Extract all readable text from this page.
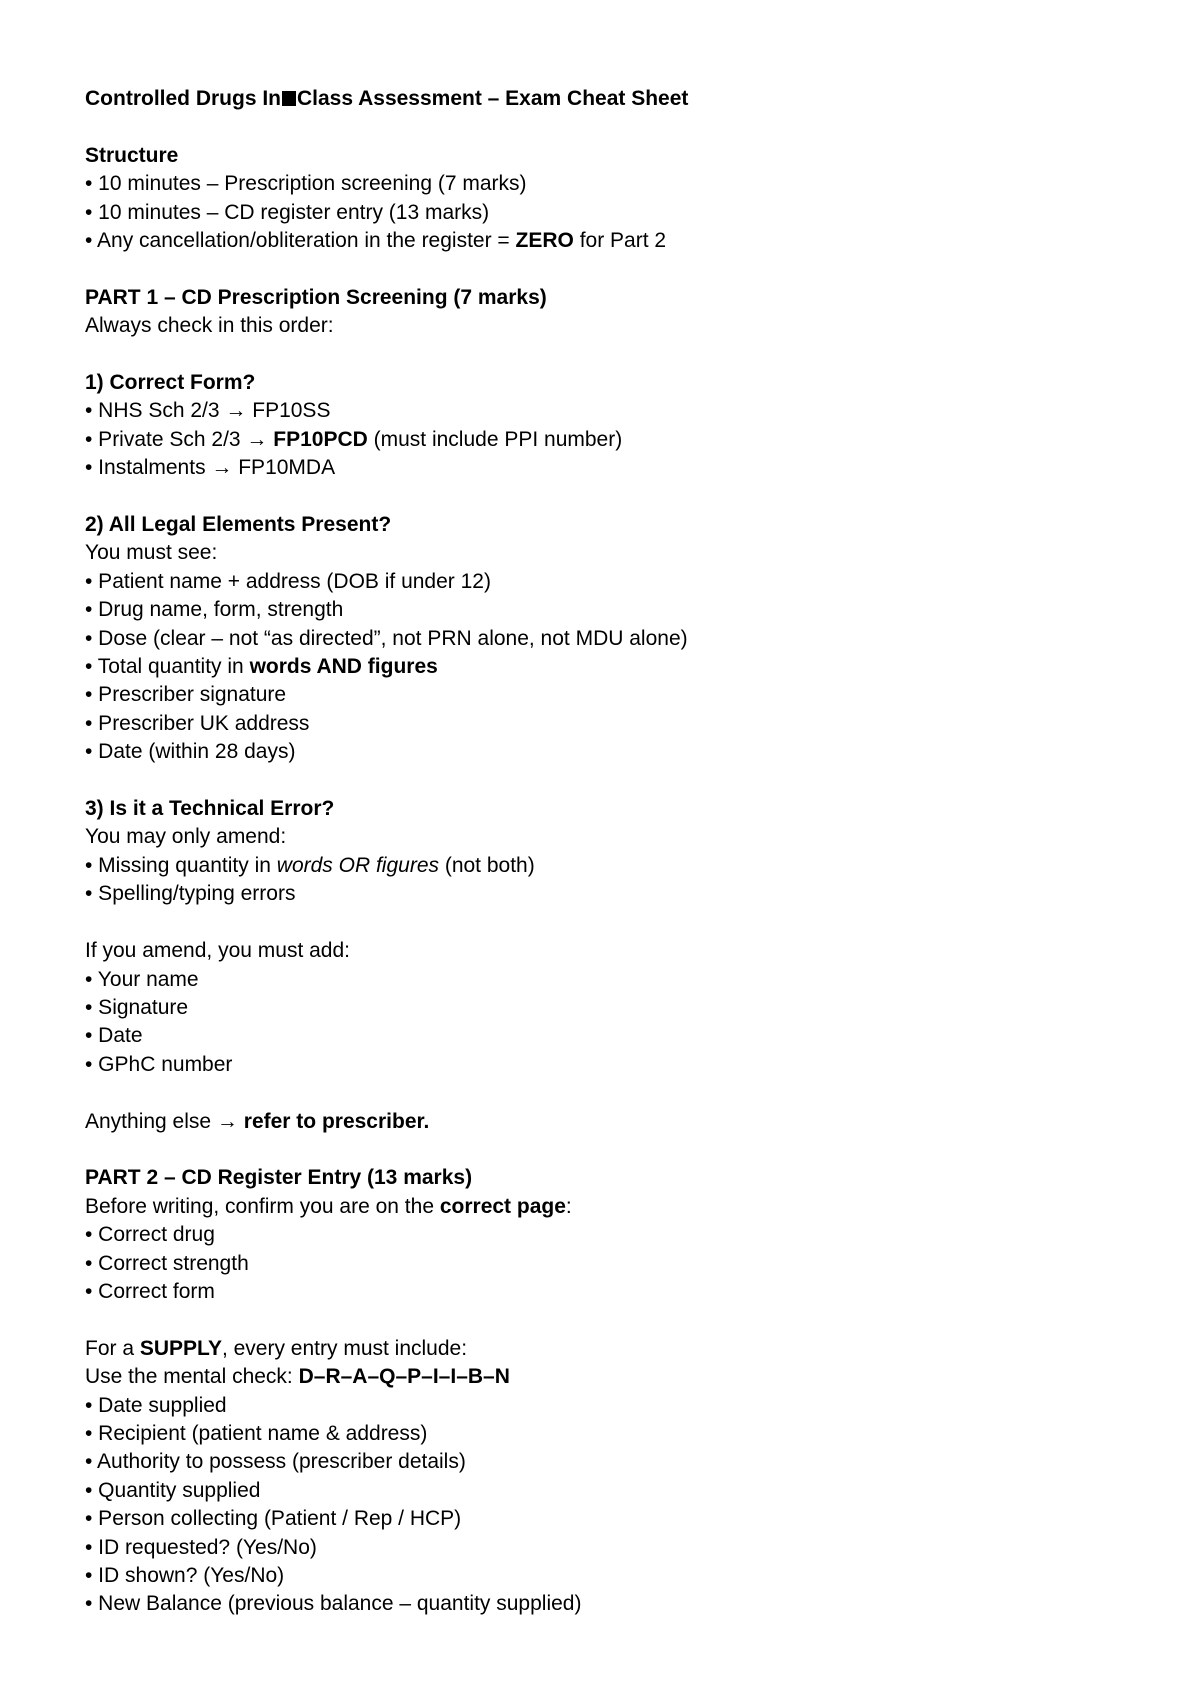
Controlled Drugs In Class Assessment – Exam Cheat Sheet
Structure
• 10 minutes – Prescription screening (7 marks)
• 10 minutes – CD register entry (13 marks)
• Any cancellation/obliteration in the register = ZERO for Part 2
PART 1 – CD Prescription Screening (7 marks)
Always check in this order:
1) Correct Form?
• NHS Sch 2/3 → FP10SS
• Private Sch 2/3 → FP10PCD (must include PPI number)
• Instalments → FP10MDA
2) All Legal Elements Present?
You must see:
• Patient name + address (DOB if under 12)
• Drug name, form, strength
• Dose (clear – not “as directed”, not PRN alone, not MDU alone)
• Total quantity in words AND figures
• Prescriber signature
• Prescriber UK address
• Date (within 28 days)
3) Is it a Technical Error?
You may only amend:
• Missing quantity in words OR figures (not both)
• Spelling/typing errors
If you amend, you must add:
• Your name
• Signature
• Date
• GPhC number
Anything else → refer to prescriber.
PART 2 – CD Register Entry (13 marks)
Before writing, confirm you are on the correct page:
• Correct drug
• Correct strength
• Correct form
For a SUPPLY, every entry must include:
Use the mental check: D–R–A–Q–P–I–I–B–N
• Date supplied
• Recipient (patient name & address)
• Authority to possess (prescriber details)
• Quantity supplied
• Person collecting (Patient / Rep / HCP)
• ID requested? (Yes/No)
• ID shown? (Yes/No)
• New Balance (previous balance – quantity supplied)
